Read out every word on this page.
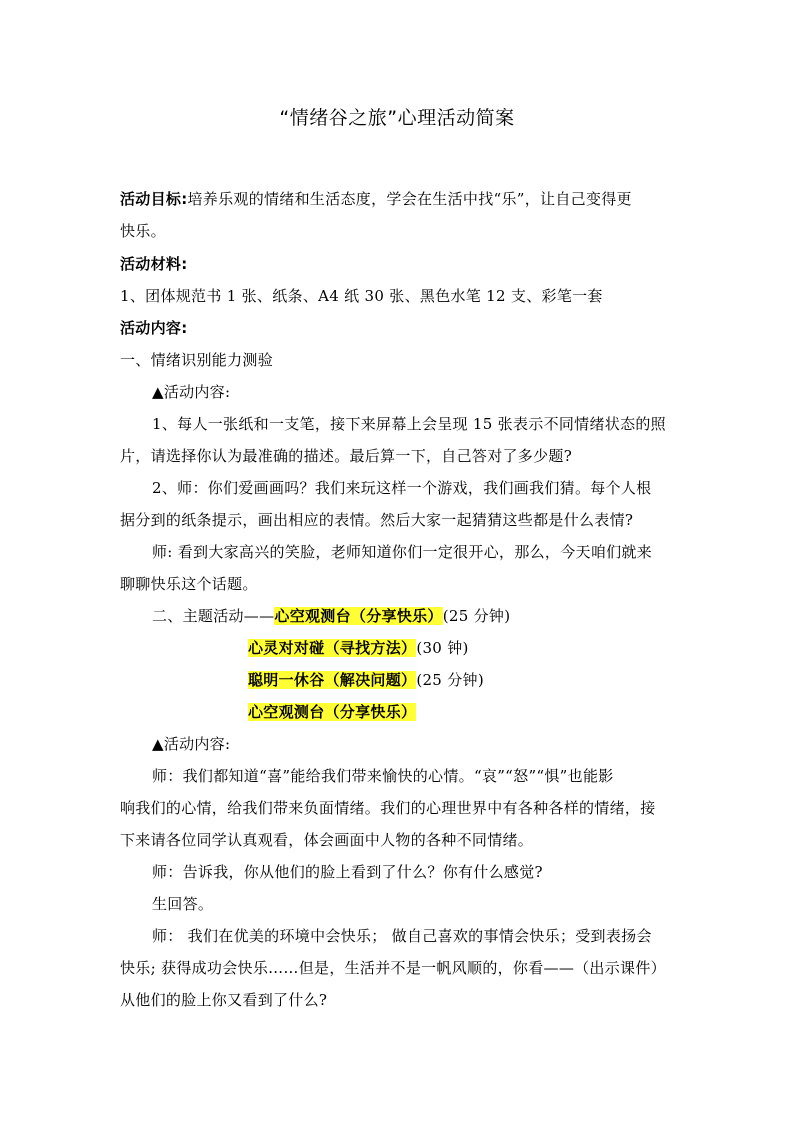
“情绪谷之旅”心理活动简案
活动目标:培养乐观的情绪和生活态度，学会在生活中找“乐”，让自己变得更
快乐。
活动材料:
1、团体规范书 1 张、纸条、A4 纸 30 张、黑色水笔 12 支、彩笔一套
活动内容:
一、情绪识别能力测验
▲活动内容:
1、每人一张纸和一支笔，接下来屏幕上会呈现 15 张表示不同情绪状态的照
片，请选择你认为最准确的描述。最后算一下，自己答对了多少题?
2、师：你们爱画画吗？我们来玩这样一个游戏，我们画我们猜。每个人根
据分到的纸条提示，画出相应的表情。然后大家一起猜猜这些都是什么表情?
师: 看到大家高兴的笑脸，老师知道你们一定很开心，那么，今天咱们就来
聊聊快乐这个话题。
二、主题活动——心空观测台（分享快乐）(25 分钟)
心灵对对碰（寻找方法）(30 钟)
聪明一休谷（解决问题）(25 分钟)
心空观测台（分享快乐）
▲活动内容:
师：我们都知道“喜”能给我们带来愉快的心情。“哀”“怒”“惧”也能影
响我们的心情，给我们带来负面情绪。我们的心理世界中有各种各样的情绪，接
下来请各位同学认真观看，体会画面中人物的各种不同情绪。
师：告诉我，你从他们的脸上看到了什么？你有什么感觉?
生回答。
师： 我们在优美的环境中会快乐； 做自己喜欢的事情会快乐；受到表扬会
快乐; 获得成功会快乐……但是，生活并不是一帆风顺的，你看——（出示课件）
从他们的脸上你又看到了什么?
